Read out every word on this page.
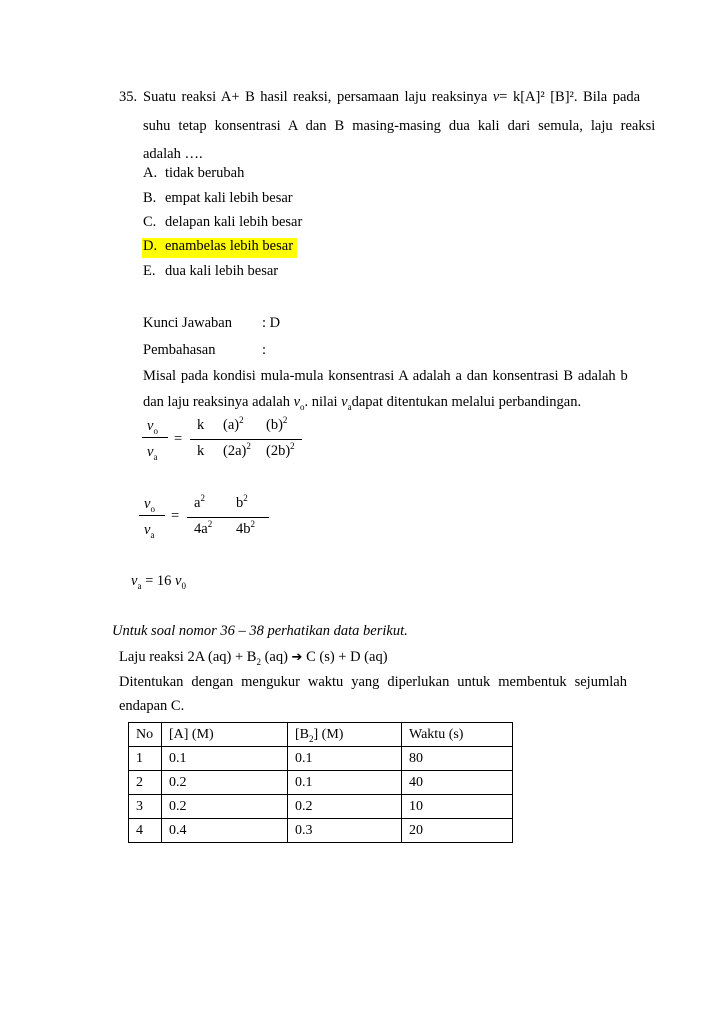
35. Suatu reaksi A+ B hasil reaksi, persamaan laju reaksinya v= k[A]² [B]². Bila pada
suhu tetap konsentrasi A dan B masing-masing dua kali dari semula, laju reaksi
adalah ….
A. tidak berubah
B. empat kali lebih besar
C. delapan kali lebih besar
D. enambelas lebih besar
E. dua kali lebih besar
Kunci Jawaban : D
Pembahasan	:
Misal pada kondisi mula-mula konsentrasi A adalah a dan konsentrasi B adalah b
dan laju reaksinya adalah $v_o$. nilai $v_adapat$ ditentukan melalui perbandingan.
$v_o$
$v_a$
=
k $(a)^2$ $(b)^2$
k $(2a)^2$ $(2b)^2$
$v_o$
$v_a$
=
$a^2$ $b^2$
$4a^2$ $4b^2$
$v_a = 16$ $v_0$
Untuk soal nomor 36 – 38 perhatikan data berikut.
Laju reaksi 2A $(aq) + B_2$ (aq) ➔ C (s) + D (aq)
Ditentukan dengan mengukur waktu yang diperlukan untuk membentuk sejumlah
endapan C.
No	[A] (M)	$[B_2]$ (M)	Waktu (s)
1	0.1	0.1	80
2	0.2	0.1	40
3	0.2	0.2	10
4	0.4	0.3	20
